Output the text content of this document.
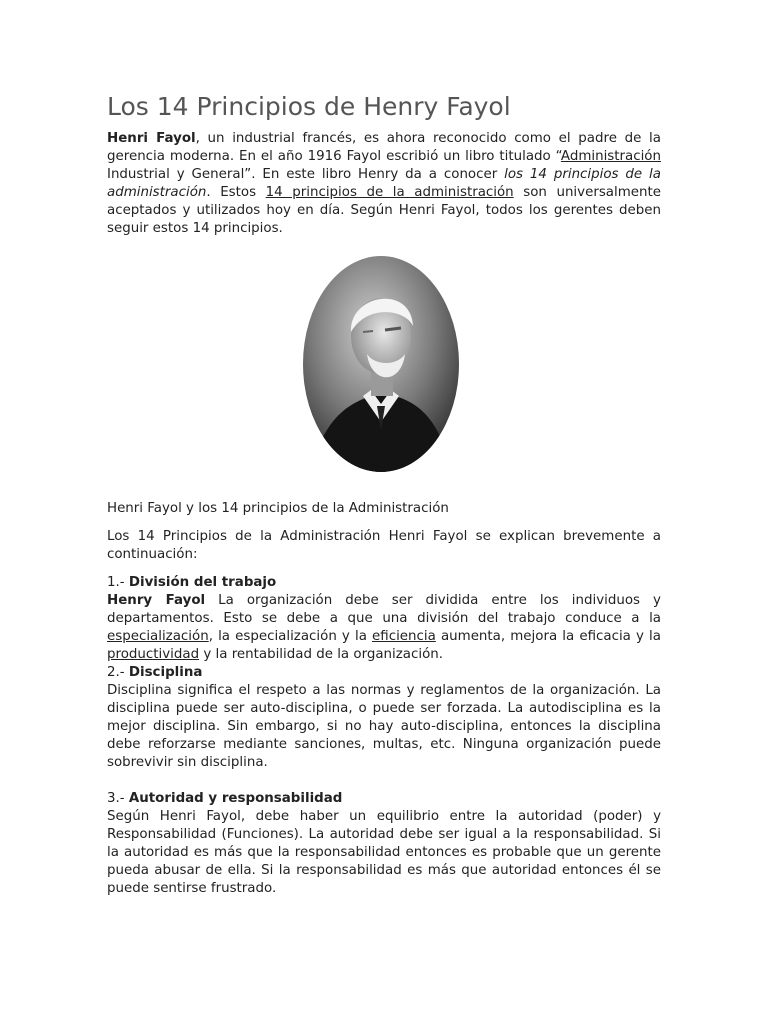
Los 14 Principios de Henry Fayol

Henri Fayol, un industrial francés, es ahora reconocido como el padre de la gerencia moderna. En el año 1916 Fayol escribió un libro titulado “Administración Industrial y General”. En este libro Henry da a conocer los 14 principios de la administración. Estos 14 principios de la administración son universalmente aceptados y utilizados hoy en día. Según Henri Fayol, todos los gerentes deben seguir estos 14 principios.

Henri Fayol y los 14 principios de la Administración

Los 14 Principios de la Administración Henri Fayol se explican brevemente a continuación:

1.- División del trabajo

Henry Fayol La organización debe ser dividida entre los individuos y departamentos. Esto se debe a que una división del trabajo conduce a la especialización, la especialización y la eficiencia aumenta, mejora la eficacia y la productividad y la rentabilidad de la organización.

2.- Disciplina

Disciplina significa el respeto a las normas y reglamentos de la organización. La disciplina puede ser auto-disciplina, o puede ser forzada. La autodisciplina es la mejor disciplina. Sin embargo, si no hay auto-disciplina, entonces la disciplina debe reforzarse mediante sanciones, multas, etc. Ninguna organización puede sobrevivir sin disciplina.

3.- Autoridad y responsabilidad

Según Henri Fayol, debe haber un equilibrio entre la autoridad (poder) y Responsabilidad (Funciones). La autoridad debe ser igual a la responsabilidad. Si la autoridad es más que la responsabilidad entonces es probable que un gerente pueda abusar de ella. Si la responsabilidad es más que autoridad entonces él se puede sentirse frustrado.
